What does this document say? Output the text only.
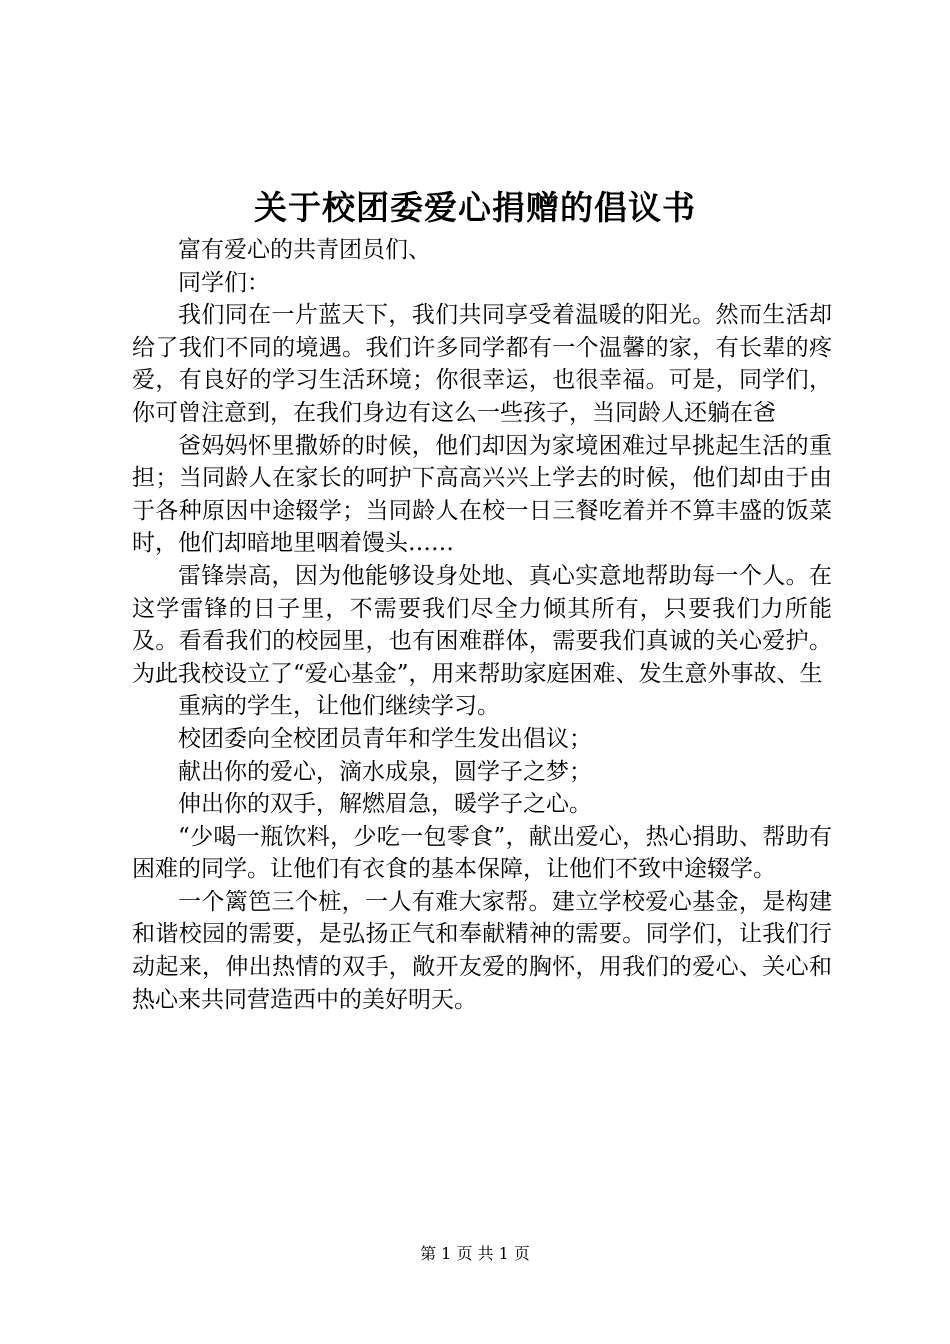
关于校团委爱心捐赠的倡议书

富有爱心的共青团员们、

同学们：

我们同在一片蓝天下，我们共同享受着温暖的阳光。然而生活却给了我们不同的境遇。我们许多同学都有一个温馨的家，有长辈的疼爱，有良好的学习生活环境；你很幸运，也很幸福。可是，同学们，你可曾注意到，在我们身边有这么一些孩子，当同龄人还躺在爸

爸妈妈怀里撒娇的时候，他们却因为家境困难过早挑起生活的重担；当同龄人在家长的呵护下高高兴兴上学去的时候，他们却由于由于各种原因中途辍学；当同龄人在校一日三餐吃着并不算丰盛的饭菜时，他们却暗地里咽着馒头……

雷锋崇高，因为他能够设身处地、真心实意地帮助每一个人。在这学雷锋的日子里，不需要我们尽全力倾其所有，只要我们力所能及。看看我们的校园里，也有困难群体，需要我们真诚的关心爱护。为此我校设立了“爱心基金”，用来帮助家庭困难、发生意外事故、生

重病的学生，让他们继续学习。

校团委向全校团员青年和学生发出倡议；

献出你的爱心，滴水成泉，圆学子之梦；

伸出你的双手，解燃眉急，暖学子之心。

“少喝一瓶饮料，少吃一包零食”，献出爱心，热心捐助、帮助有困难的同学。让他们有衣食的基本保障，让他们不致中途辍学。

一个篱笆三个桩，一人有难大家帮。建立学校爱心基金，是构建和谐校园的需要，是弘扬正气和奉献精神的需要。同学们，让我们行动起来，伸出热情的双手，敞开友爱的胸怀，用我们的爱心、关心和热心来共同营造西中的美好明天。

第 1 页 共 1 页
